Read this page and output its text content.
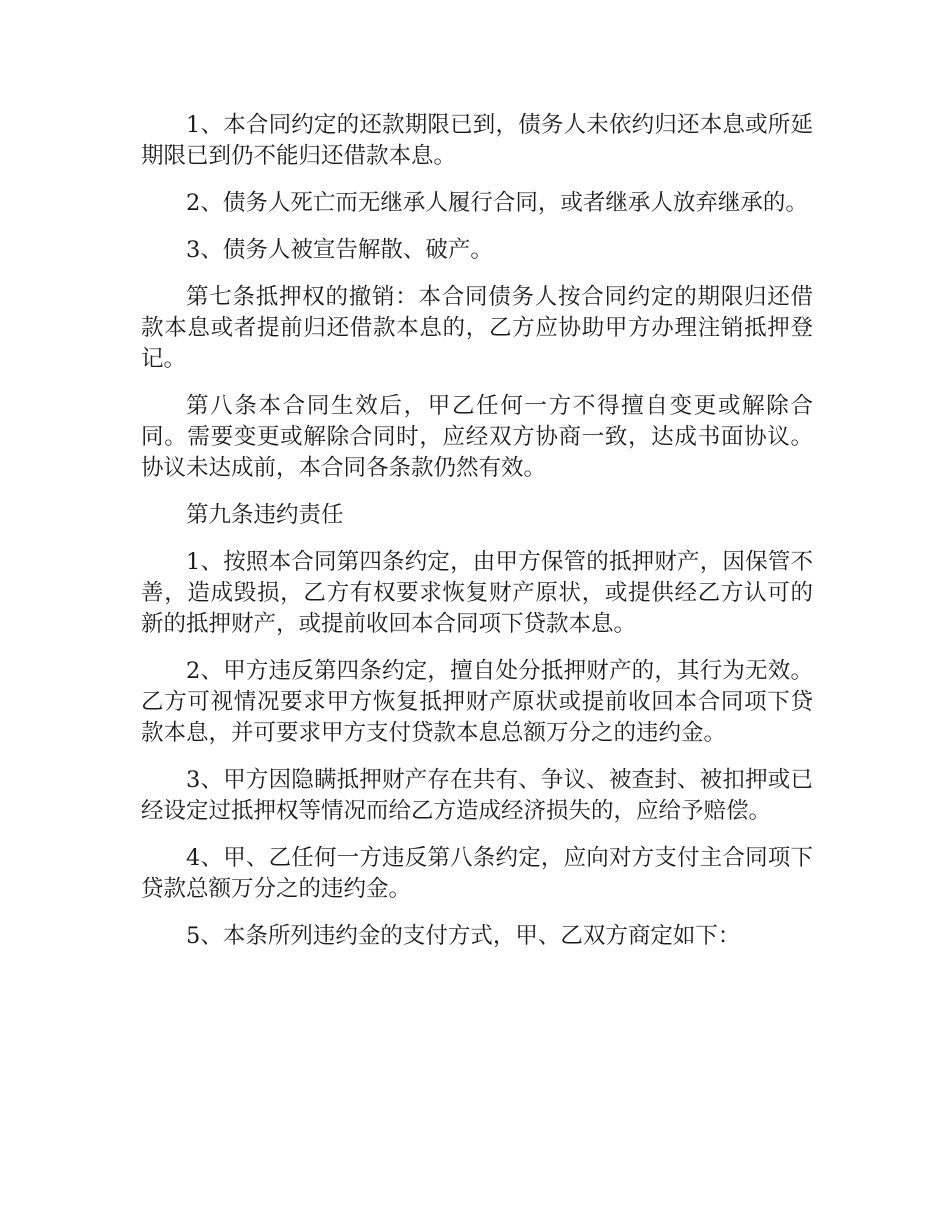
1、本合同约定的还款期限已到，债务人未依约归还本息或所延期限已到仍不能归还借款本息。

2、债务人死亡而无继承人履行合同，或者继承人放弃继承的。

3、债务人被宣告解散、破产。

第七条抵押权的撤销：本合同债务人按合同约定的期限归还借款本息或者提前归还借款本息的，乙方应协助甲方办理注销抵押登记。

第八条本合同生效后，甲乙任何一方不得擅自变更或解除合同。需要变更或解除合同时，应经双方协商一致，达成书面协议。协议未达成前，本合同各条款仍然有效。

第九条违约责任

1、按照本合同第四条约定，由甲方保管的抵押财产，因保管不善，造成毁损，乙方有权要求恢复财产原状，或提供经乙方认可的新的抵押财产，或提前收回本合同项下贷款本息。

2、甲方违反第四条约定，擅自处分抵押财产的，其行为无效。乙方可视情况要求甲方恢复抵押财产原状或提前收回本合同项下贷款本息，并可要求甲方支付贷款本息总额万分之的违约金。

3、甲方因隐瞒抵押财产存在共有、争议、被查封、被扣押或已经设定过抵押权等情况而给乙方造成经济损失的，应给予赔偿。

4、甲、乙任何一方违反第八条约定，应向对方支付主合同项下贷款总额万分之的违约金。

5、本条所列违约金的支付方式，甲、乙双方商定如下：
